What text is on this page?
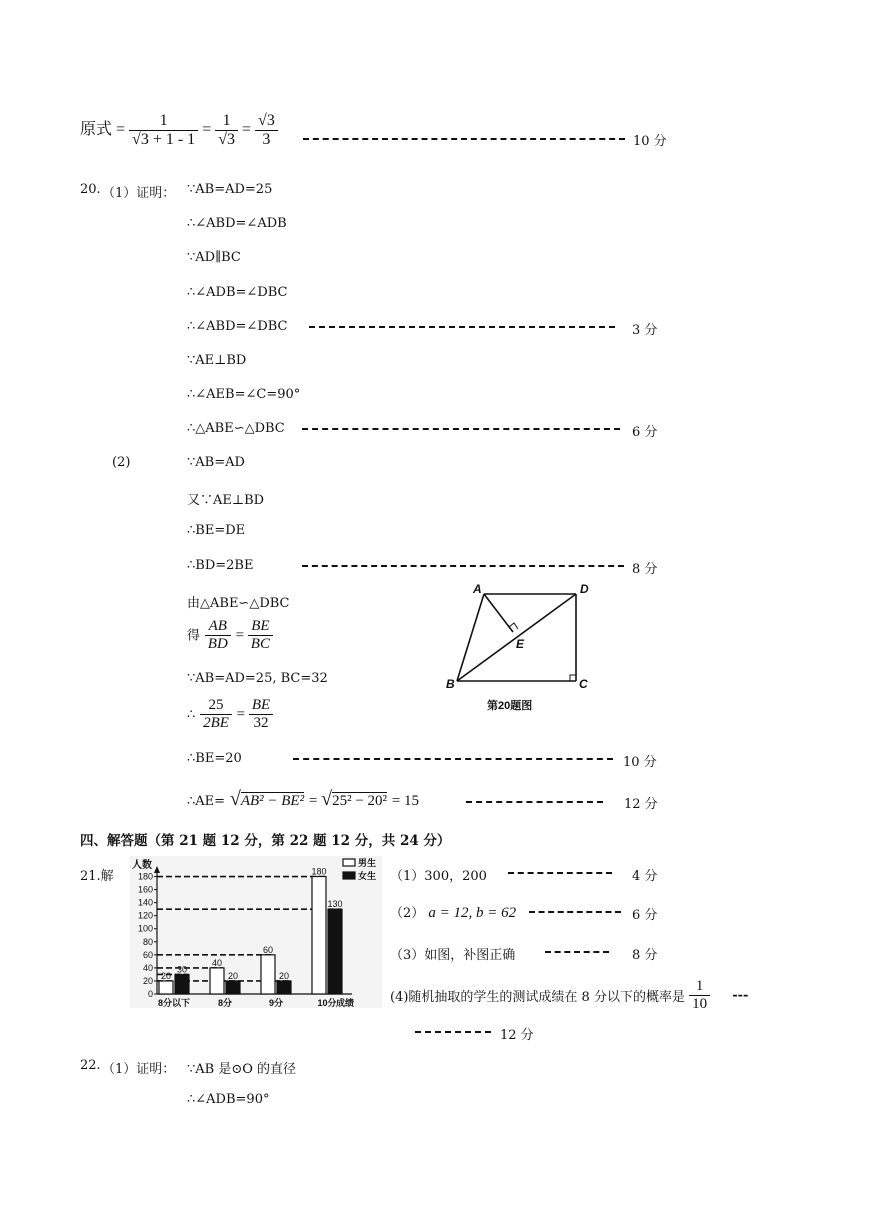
原式 = $\frac{1}{√3 + 1 - 1} = \frac{1}{√3} = \frac{√3}{3}$	10 分
20. （1）证明： ∵AB=AD=25
∴∠ABD=∠ADB
∵AD∥BC
∴∠ADB=∠DBC
∴∠ABD=∠DBC	3 分
∵AE⊥BD
∴∠AEB=∠C=90°
∴△ABE∽△DBC	6 分
(2)	∵AB=AD
又∵AE⊥BD
∴BE=DE
∴BD=2BE	8 分
由△ABE∽△DBC
得 $\frac{AB}{BD} = \frac{BE}{BC}$
∵AB=AD=25, BC=32
∴ $\frac{25}{2BE} = \frac{BE}{32}$
∴BE=20	10 分
∴AE= √AB² − BE² = √25² − 20² = 15	12 分
A	D
E
B	C
第20题图
四、解答题（第 21 题 12 分，第 22 题 12 分，共 24 分）
21.解
人数
0
20
40
60
80
100
120
140
160
180
20
30
8分以下
40
20
8分
60
20
9分
180
130
10分 成绩
男生
女生 （1）300，200	4 分
（2） a = 12, b = 62	6 分
（3）如图，补图正确	8 分
(4)随机抽取的学生的测试成绩在 8 分以下的概率是 $\frac{1}{10}$ ---
12 分
22. （1）证明： ∵AB 是⊙O 的直径
∴∠ADB=90°
